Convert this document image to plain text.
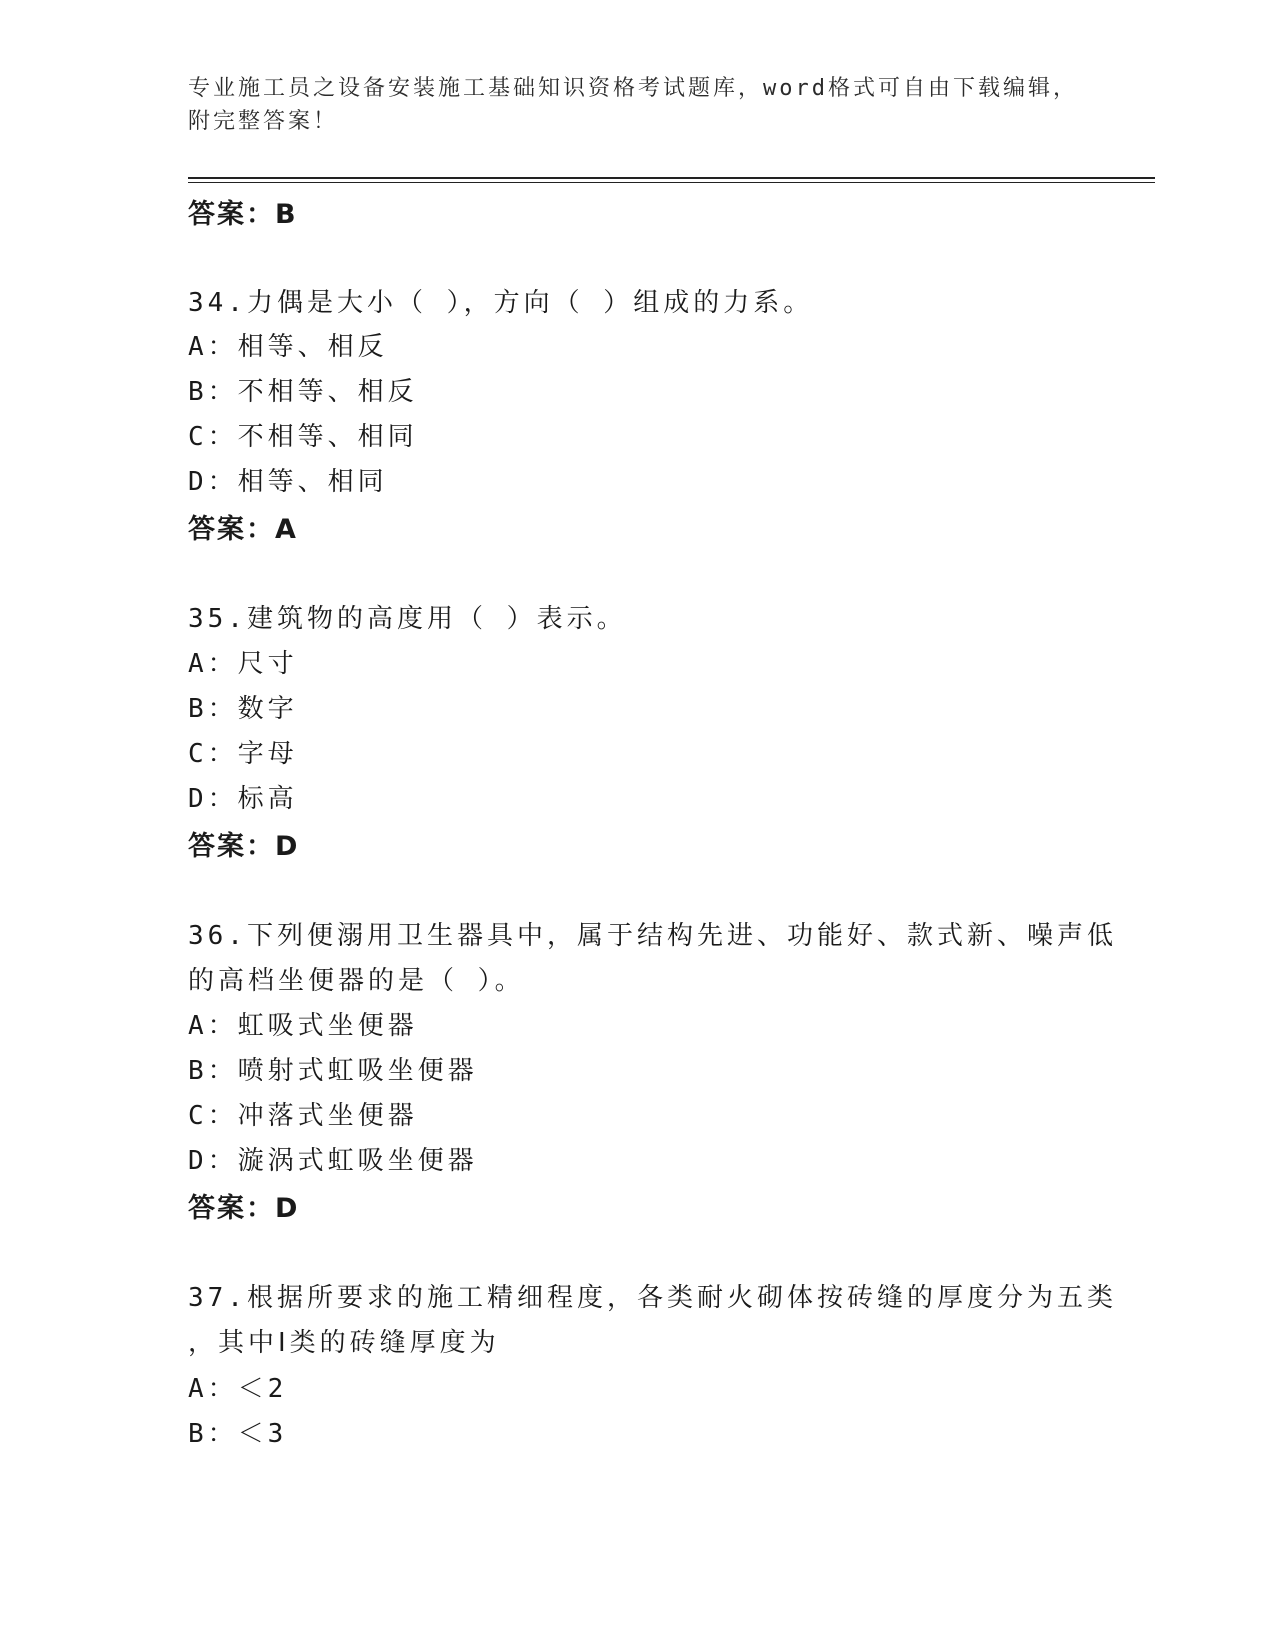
专业施工员之设备安装施工基础知识资格考试题库，word格式可自由下载编辑，
附完整答案！
答案：B
34.力偶是大小（ ），方向（ ）组成的力系。
A：相等、相反
B：不相等、相反
C：不相等、相同
D：相等、相同
答案：A
35.建筑物的高度用（ ）表示。
A：尺寸
B：数字
C：字母
D：标高
答案：D
36.下列便溺用卫生器具中，属于结构先进、功能好、款式新、噪声低
的高档坐便器的是（ ）。
A：虹吸式坐便器
B：喷射式虹吸坐便器
C：冲落式坐便器
D：漩涡式虹吸坐便器
答案：D
37.根据所要求的施工精细程度，各类耐火砌体按砖缝的厚度分为五类
，其中Ⅰ类的砖缝厚度为
A：＜2
B：＜3
